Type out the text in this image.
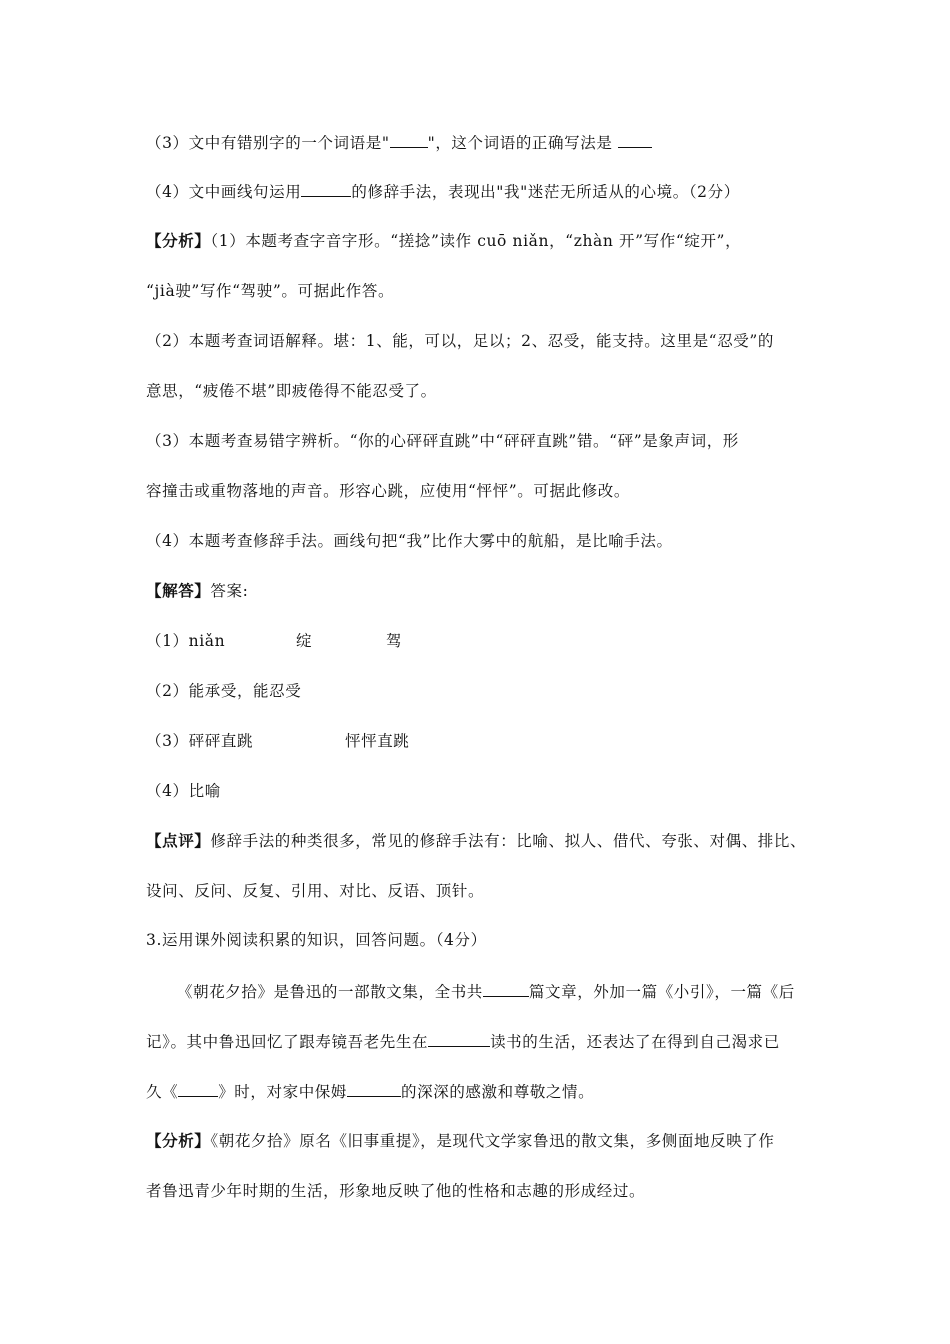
（3）文中有错别字的一个词语是" "，这个词语的正确写法是
（4）文中画线句运用	的修辞手法，表现出"我"迷茫无所适从的心境。（2分）
【分析】（1）本题考查字音字形。“搓捻”读作 cuō niǎn，“zhàn 开”写作“绽开”，
“jià驶”写作“驾驶”。可据此作答。
（2）本题考查词语解释。堪：1、能，可以，足以；2、忍受，能支持。这里是“忍受”的
意思，“疲倦不堪”即疲倦得不能忍受了。
（3）本题考查易错字辨析。“你的心砰砰直跳”中“砰砰直跳”错。“砰”是象声词，形
容撞击或重物落地的声音。形容心跳，应使用“怦怦”。可据此修改。
（4）本题考查修辞手法。画线句把“我”比作大雾中的航船，是比喻手法。
【解答】答案:
（1）niǎn	绽	驾
（2）能承受，能忍受
（3）砰砰直跳	怦怦直跳
（4）比喻
【点评】修辞手法的种类很多，常见的修辞手法有：比喻、拟人、借代、夸张、对偶、排比、
设问、反问、反复、引用、对比、反语、顶针。
3.运用课外阅读积累的知识，回答问题。（4分）
《朝花夕拾》是鲁迅的一部散文集，全书共	篇文章，外加一篇《小引》，一篇《后
记》。其中鲁迅回忆了跟寿镜吾老先生在	读书的生活，还表达了在得到自己渴求已
久《	》时，对家中保姆	的深深的感激和尊敬之情。
【分析】《朝花夕拾》原名《旧事重提》，是现代文学家鲁迅的散文集，多侧面地反映了作
者鲁迅青少年时期的生活，形象地反映了他的性格和志趣的形成经过。
